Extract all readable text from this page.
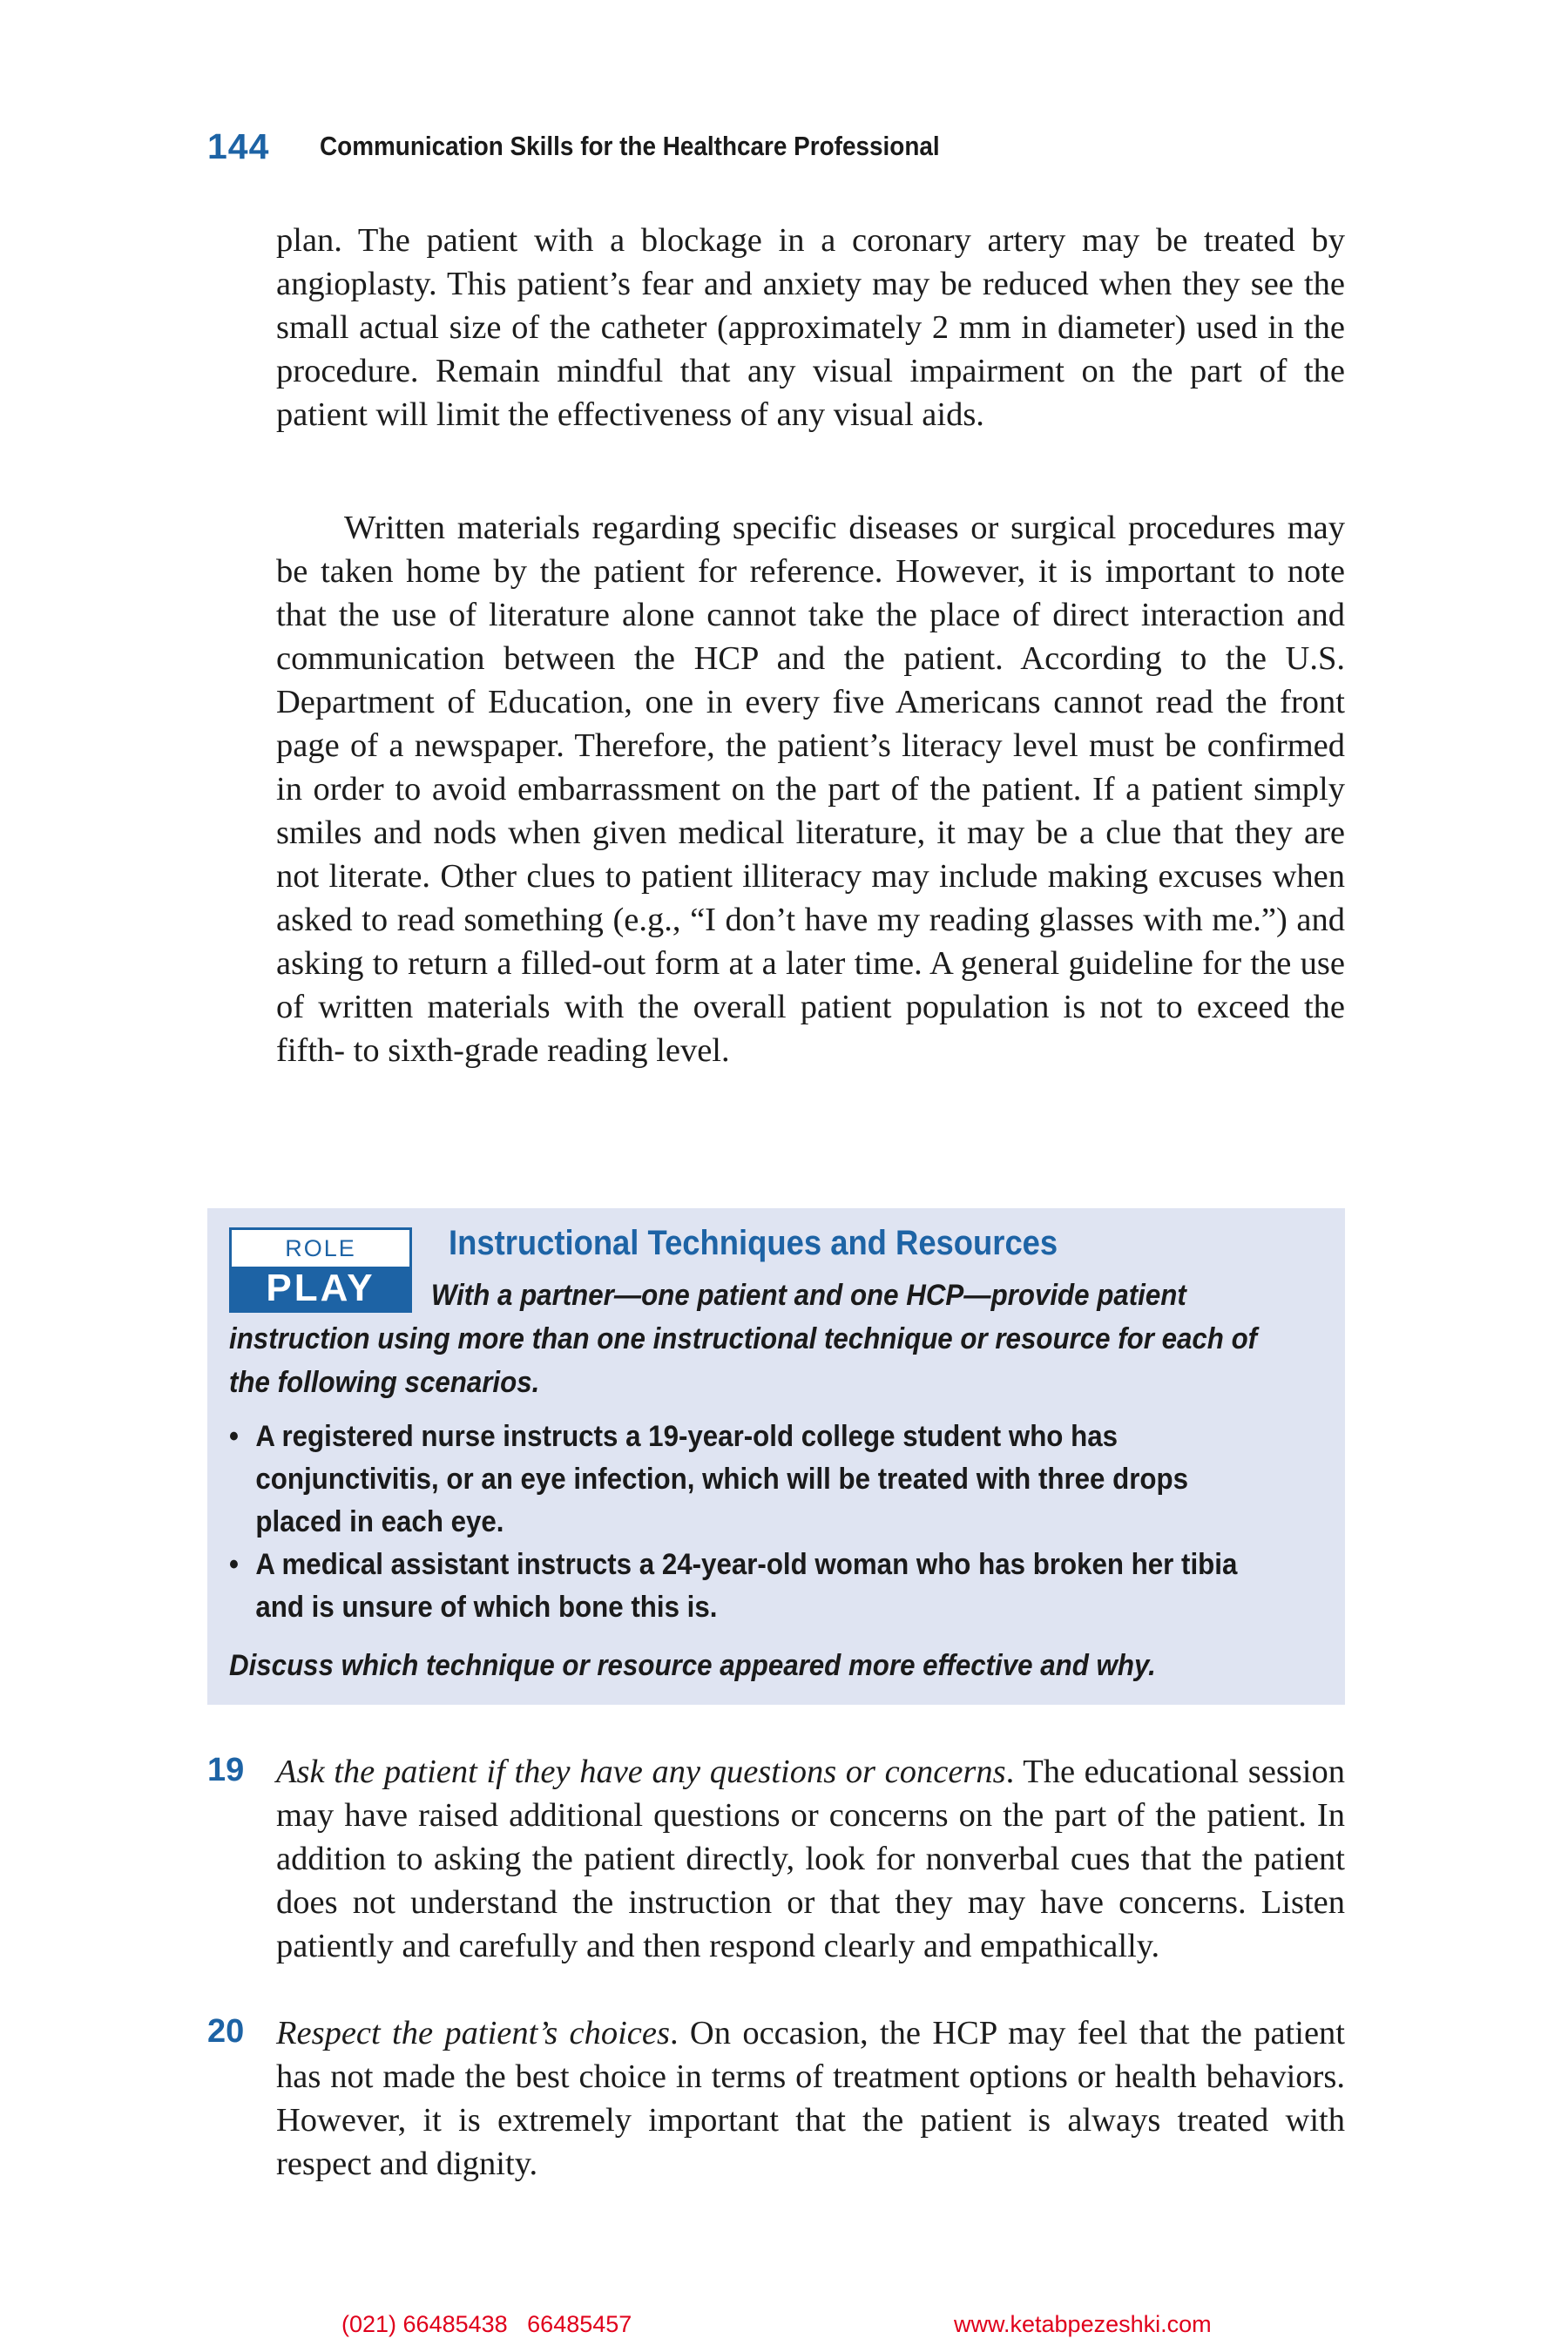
144 Communication Skills for the Healthcare Professional

plan. The patient with a blockage in a coronary artery may be treated by angioplasty. This patient’s fear and anxiety may be reduced when they see the small actual size of the catheter (approximately 2 mm in diameter) used in the procedure. Remain mindful that any visual impairment on the part of the patient will limit the effectiveness of any visual aids.

Written materials regarding specific diseases or surgical procedures may be taken home by the patient for reference. However, it is important to note that the use of literature alone cannot take the place of direct interaction and communication between the HCP and the patient. According to the U.S. Department of Education, one in every five Americans cannot read the front page of a newspaper. Therefore, the patient’s literacy level must be confirmed in order to avoid embarrassment on the part of the patient. If a patient simply smiles and nods when given medical literature, it may be a clue that they are not literate. Other clues to patient illiteracy may include making excuses when asked to read something (e.g., “I don’t have my reading glasses with me.”) and asking to return a filled-out form at a later time. A general guideline for the use of written materials with the overall patient population is not to exceed the fifth- to sixth-grade reading level.

ROLE
PLAY
Instructional Techniques and Resources

With a partner—one patient and one HCP—provide patient instruction using more than one instructional technique or resource for each of the following scenarios.

• A registered nurse instructs a 19-year-old college student who has conjunctivitis, or an eye infection, which will be treated with three drops placed in each eye.
• A medical assistant instructs a 24-year-old woman who has broken her tibia and is unsure of which bone this is.

Discuss which technique or resource appeared more effective and why.

19 Ask the patient if they have any questions or concerns. The educational session may have raised additional questions or concerns on the part of the patient. In addition to asking the patient directly, look for nonverbal cues that the patient does not understand the instruction or that they may have concerns. Listen patiently and carefully and then respond clearly and empathically.

20 Respect the patient’s choices. On occasion, the HCP may feel that the patient has not made the best choice in terms of treatment options or health behaviors. However, it is extremely important that the patient is always treated with respect and dignity.

(021) 66485438   66485457	www.ketabpezeshki.com
